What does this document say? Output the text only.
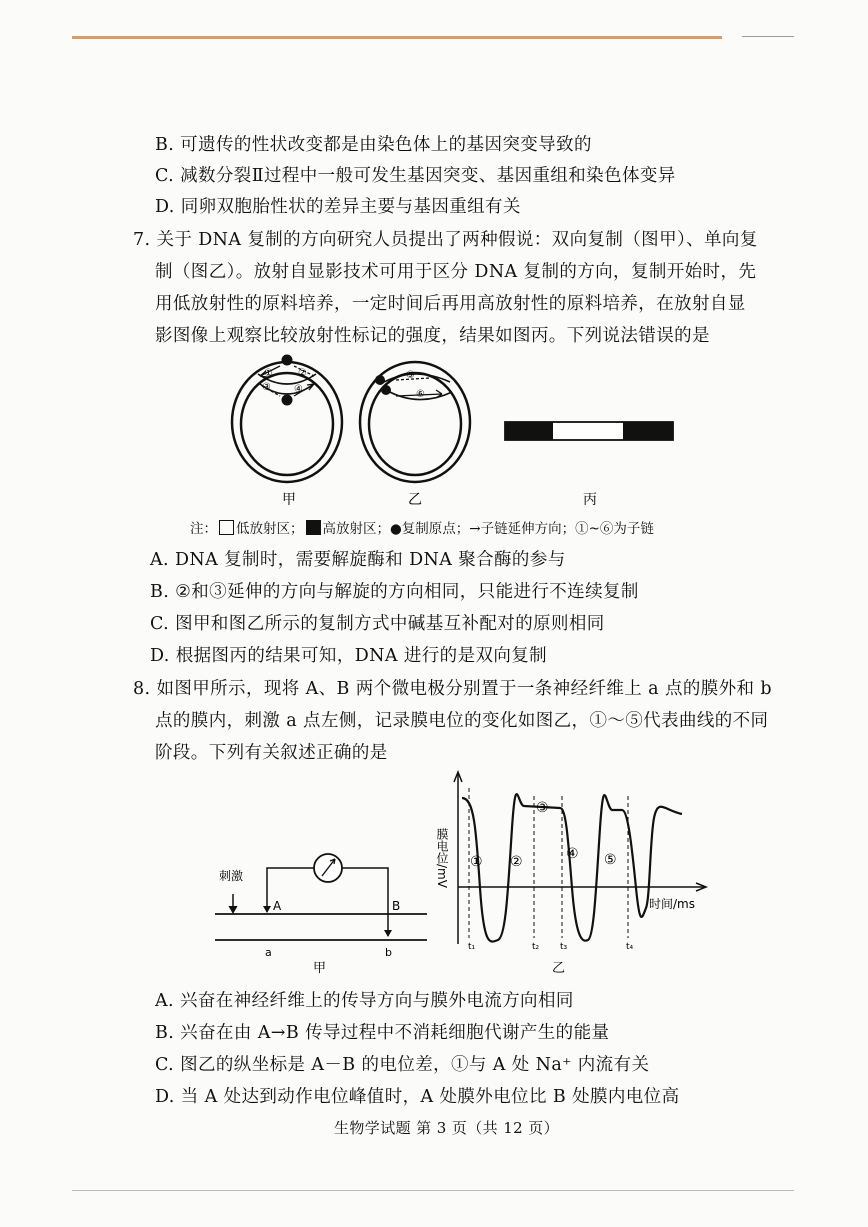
B. 可遗传的性状改变都是由染色体上的基因突变导致的
C. 减数分裂Ⅱ过程中一般可发生基因突变、基因重组和染色体变异
D. 同卵双胞胎性状的差异主要与基因重组有关
7. 关于 DNA 复制的方向研究人员提出了两种假说：双向复制（图甲）、单向复
制（图乙）。放射自显影技术可用于区分 DNA 复制的方向，复制开始时，先
用低放射性的原料培养，一定时间后再用高放射性的原料培养，在放射自显
影图像上观察比较放射性标记的强度，结果如图丙。下列说法错误的是
①	②
③ ④
⑤
⑥
甲	乙	丙
注： 低放射区； 高放射区；●复制原点；→子链延伸方向；①~⑥为子链
A. DNA 复制时，需要解旋酶和 DNA 聚合酶的参与
B. ②和③延伸的方向与解旋的方向相同，只能进行不连续复制
C. 图甲和图乙所示的复制方式中碱基互补配对的原则相同
D. 根据图丙的结果可知，DNA 进行的是双向复制
8. 如图甲所示，现将 A、B 两个微电极分别置于一条神经纤维上 a 点的膜外和 b
点的膜内，刺激 a 点左侧，记录膜电位的变化如图乙，①～⑤代表曲线的不同
阶段。下列有关叙述正确的是
刺激
A	B
a	b
甲
膜电位/mV
时间/ms
① ②
③
④ ⑤
t₁	t₂ t₃	t₄
乙
A. 兴奋在神经纤维上的传导方向与膜外电流方向相同
B. 兴奋在由 A→B 传导过程中不消耗细胞代谢产生的能量
C. 图乙的纵坐标是 A－B 的电位差，①与 A 处 Na⁺ 内流有关
D. 当 A 处达到动作电位峰值时，A 处膜外电位比 B 处膜内电位高
生物学试题 第 3 页（共 12 页）
